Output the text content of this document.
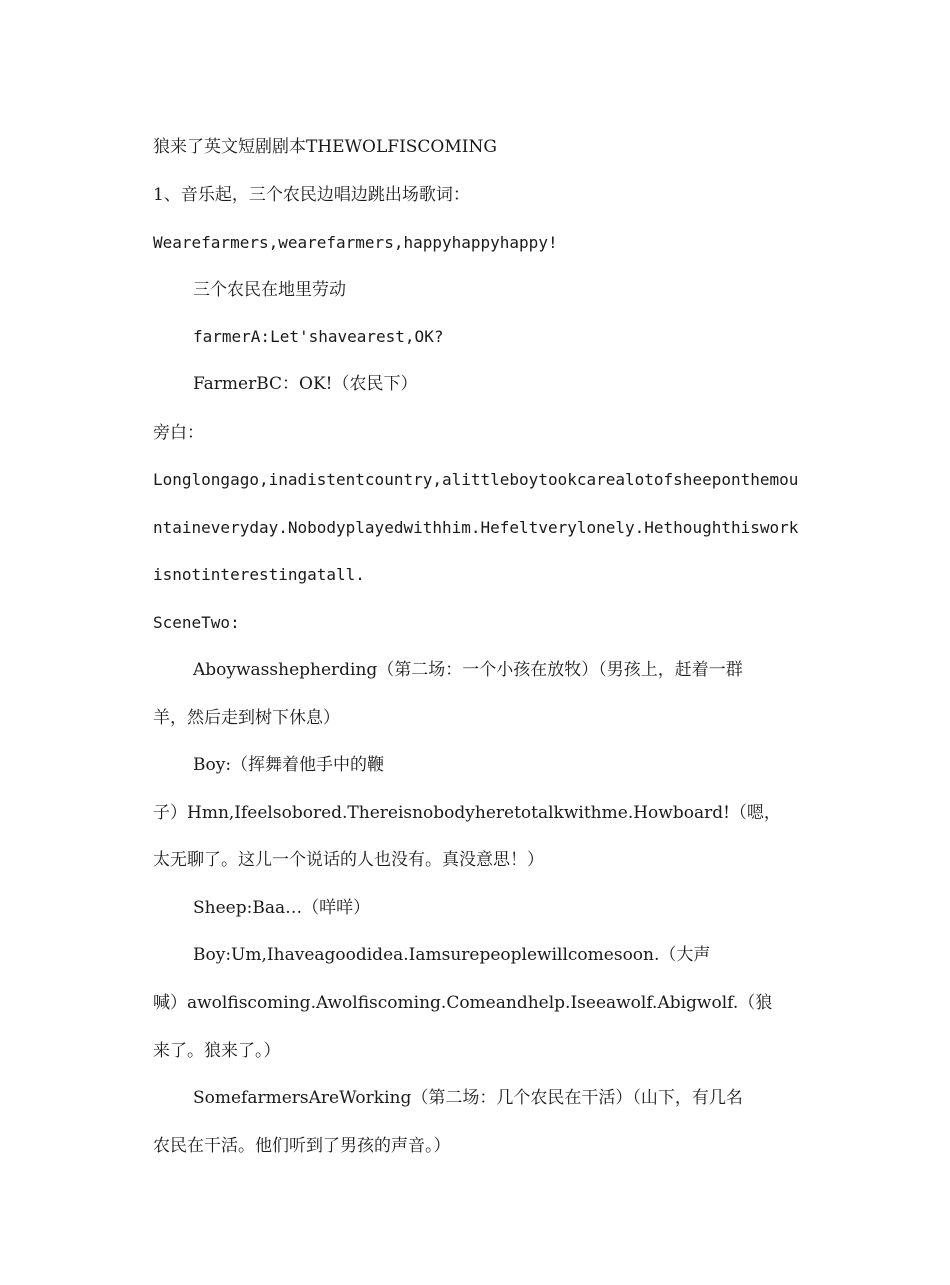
狼来了英文短剧剧本THEWOLFISCOMING
1、音乐起，三个农民边唱边跳出场歌词：
Wearefarmers,wearefarmers,happyhappyhappy!
三个农民在地里劳动
farmerA:Let'shavearest,OK?
FarmerBC：OK!（农民下）
旁白：
Longlongago,inadistentcountry,alittleboytookcarealotofsheeponthemou
ntaineveryday.Nobodyplayedwithhim.Hefeltverylonely.Hethoughthiswork
isnotinterestingatall.
SceneTwo:
Aboywasshepherding（第二场：一个小孩在放牧）（男孩上，赶着一群
羊，然后走到树下休息）
Boy:（挥舞着他手中的鞭
子）Hmn,Ifeelsobored.Thereisnobodyheretotalkwithme.Howboard!（嗯，
太无聊了。这儿一个说话的人也没有。真没意思！）
Sheep:Baa…（咩咩）
Boy:Um,Ihaveagoodidea.Iamsurepeoplewillcomesoon.（大声
喊）awolfiscoming.Awolfiscoming.Comeandhelp.Iseeawolf.Abigwolf.（狼
来了。狼来了。）
SomefarmersAreWorking（第二场：几个农民在干活）（山下，有几名
农民在干活。他们听到了男孩的声音。）
